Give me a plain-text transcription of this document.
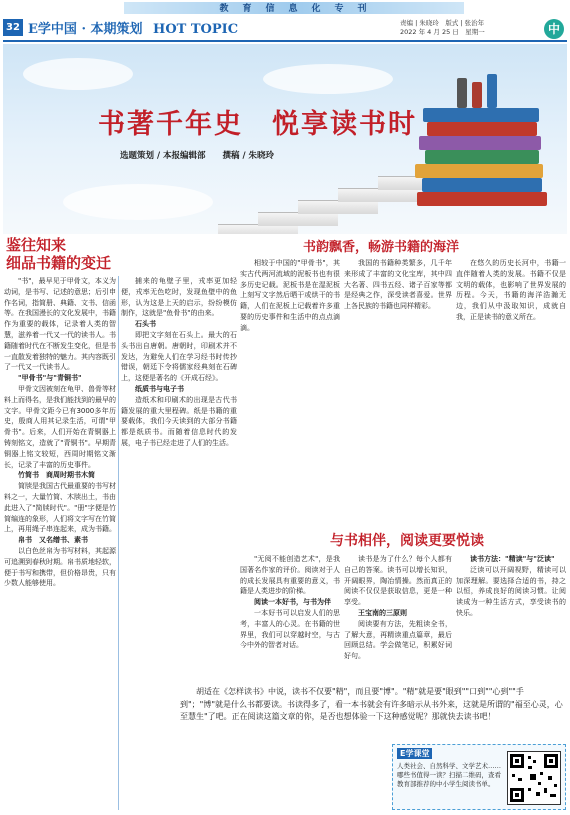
教育信息化专刊
32 E学中国 · 本期策划 HOT TOPIC	责编 | 朱晓玲　 版式 | 张治年
2022 年 4 月 25 日　 星期一	中
书著千年史　悦享读书时
选题策划 / 本报编辑部 撰稿 / 朱晓玲
鉴往知来
细品书籍的变迁

"书"，最早见于甲骨文，本义为动词，是书写、记述的意思；后引申作名词，指简册、典籍、文书、信函等。在我国漫长的文化发展中，书籍作为重要的载体，记录着人类的智慧，滋养着一代又一代的读书人。书籍随着时代在不断发生变化，但是书一直散发着独特的魅力。其内容既引了一代又一代读书人。

"甲骨书"与"青铜书"

甲骨文因被刻在龟甲、兽骨等材料上而得名，是我们能找到的最早的文字。甲骨文距今已有3000多年历史，殷商人用其记录生活，可谓"甲骨书"。后来，人们开始在青铜器上铸刻铭文，造就了"青铜书"。早期青铜器上铭文较短，西周时期铭文渐长，记录了丰富的历史事件。

竹简书　商周时期书木简

简牍是我国古代最重要的书写材料之一，大量竹简、木牍出土，书由此进入了"简牍时代"。"册"字便是竹简编连的象形，人们将文字写在竹简上，再用绳子串连起来，成为书籍。

帛书　又名缯书、素书

以白色丝帛为书写材料，其起源可追溯到春秋时期。帛书质地轻软，便于书写和携带，但价格昂贵，只有少数人能够使用。

捕来的龟壁子里，戎率更加轻便，戎率无色吃时，发现鱼壁中的鱼形，认为这是上天的启示，纷纷模仿制作，这就是"鱼骨书"的由来。

石头书

即把文字刻在石头上。最大的石头书出自唐朝。唐朝时，印刷术并不发达，为避免人们在学习经书时传抄错误，朝廷下令将儒家经典刻在石碑上，这便是著名的《开成石经》。

纸质书与电子书

造纸术和印刷术的出现是古代书籍发展的重大里程碑。纸是书籍的重要载体，我们今天读到的大部分书籍都是纸质书。而随着信息时代的发展，电子书已经走进了人们的生活。

书韵飘香，畅游书籍的海洋

相较于中国的"甲骨书"，其实古代两河流域的泥板书也有很多历史记载。泥板书是在湿泥板上刻写文字然后晒干或烘干的书籍，人们在泥板上记载着许多重要的历史事件和生活中的点点滴滴。

我国的书籍种类繁多，几千年来形成了丰富的文化宝库，其中四大名著、四书五经、诸子百家等都是经典之作，深受读者喜爱。世界上各民族的书籍也同样精彩。

在悠久的历史长河中，书籍一直伴随着人类的发展。书籍不仅是文明的载体，也影响了世界发展的历程。今天，书籍的海洋浩瀚无边，我们从中汲取知识，成就自我，正是读书的意义所在。

与书相伴，阅读更要悦读

"无阅不能创造艺术"，是我国著名作家的评价。阅读对于人的成长发展具有重要的意义，书籍是人类进步的阶梯。

阅读一本好书，与书为伴

一本好书可以启发人们的思考，丰富人的心灵。在书籍的世界里，我们可以穿越时空，与古今中外的智者对话。

读书是为了什么？每个人都有自己的答案。读书可以增长知识，开阔眼界，陶冶情操。然而真正的阅读不仅仅是获取信息，更是一种享受。

王宝南的三原则

阅读要有方法，先粗读全书，了解大意，再精读重点篇章，最后回顾总结。学会做笔记，积累好词好句。

读书方法："精读"与"泛读"

泛读可以开阔视野，精读可以加深理解。要选择合适的书，持之以恒，养成良好的阅读习惯。让阅读成为一种生活方式，享受读书的快乐。

胡适在《怎样读书》中说，读书不仅要"精"，而且要"博"。"精"就是要"眼到""口到""心到""手到"；"博"就是什么书都要读。书读得多了，看一本书就会有许多暗示从书外来，这就是所谓的"福至心灵，心至慧生"了吧。正在阅读这篇文章的你，是否也想体验一下这种感觉呢？那就快去读书吧！

E学课堂
人类社会、自然科学、文学艺术……哪些书值得一读？扫描二维码，查看教育部推荐的中小学生阅读书单。
